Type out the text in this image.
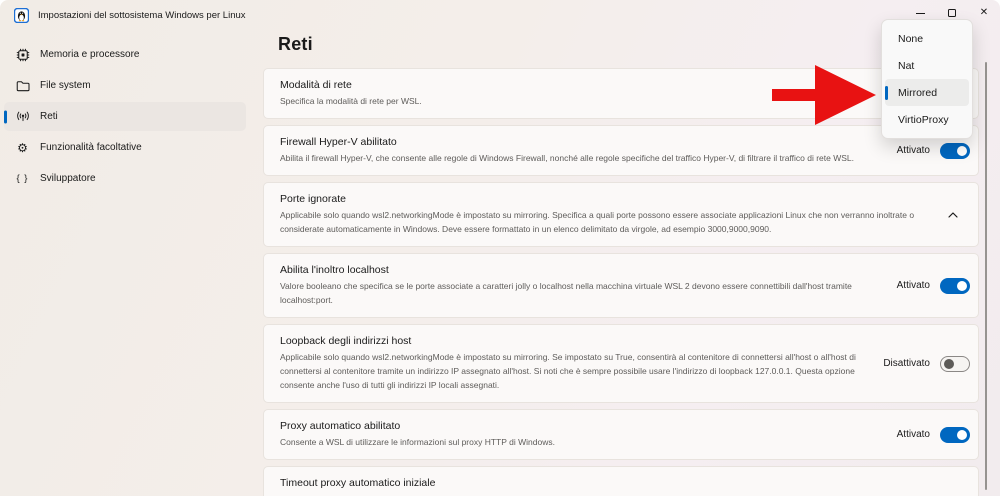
Impostazioni del sottosistema Windows per Linux	✕
Memoria e processore
File system
Reti
⚙	Funzionalità facoltative
{ } Sviluppatore
Reti
Modalità di rete
Specifica la modalità di rete per WSL.
Firewall Hyper-V abilitato
Abilita il firewall Hyper-V, che consente alle regole di Windows Firewall, nonché alle regole specifiche del traffico Hyper-V, di filtrare il traffico di rete WSL.
Attivato
Porte ignorate
Applicabile solo quando wsl2.networkingMode è impostato su mirroring. Specifica a quali porte possono essere associate applicazioni Linux che non verranno inoltrate o considerate automaticamente in Windows. Deve essere formattato in un elenco delimitato da virgole, ad esempio 3000,9000,9090.
Abilita l'inoltro localhost
Valore booleano che specifica se le porte associate a caratteri jolly o localhost nella macchina virtuale WSL 2 devono essere connettibili dall'host tramite localhost:port.
Attivato
Loopback degli indirizzi host
Applicabile solo quando wsl2.networkingMode è impostato su mirroring. Se impostato su True, consentirà al contenitore di connettersi all'host o all'host di connettersi al contenitore tramite un indirizzo IP assegnato all'host. Si noti che è sempre possibile usare l'indirizzo di loopback 127.0.0.1. Questa opzione consente anche l'uso di tutti gli indirizzi IP locali assegnati.
Disattivato
Proxy automatico abilitato
Consente a WSL di utilizzare le informazioni sul proxy HTTP di Windows.
Attivato
Timeout proxy automatico iniziale
None
Nat
Mirrored
VirtioProxy
